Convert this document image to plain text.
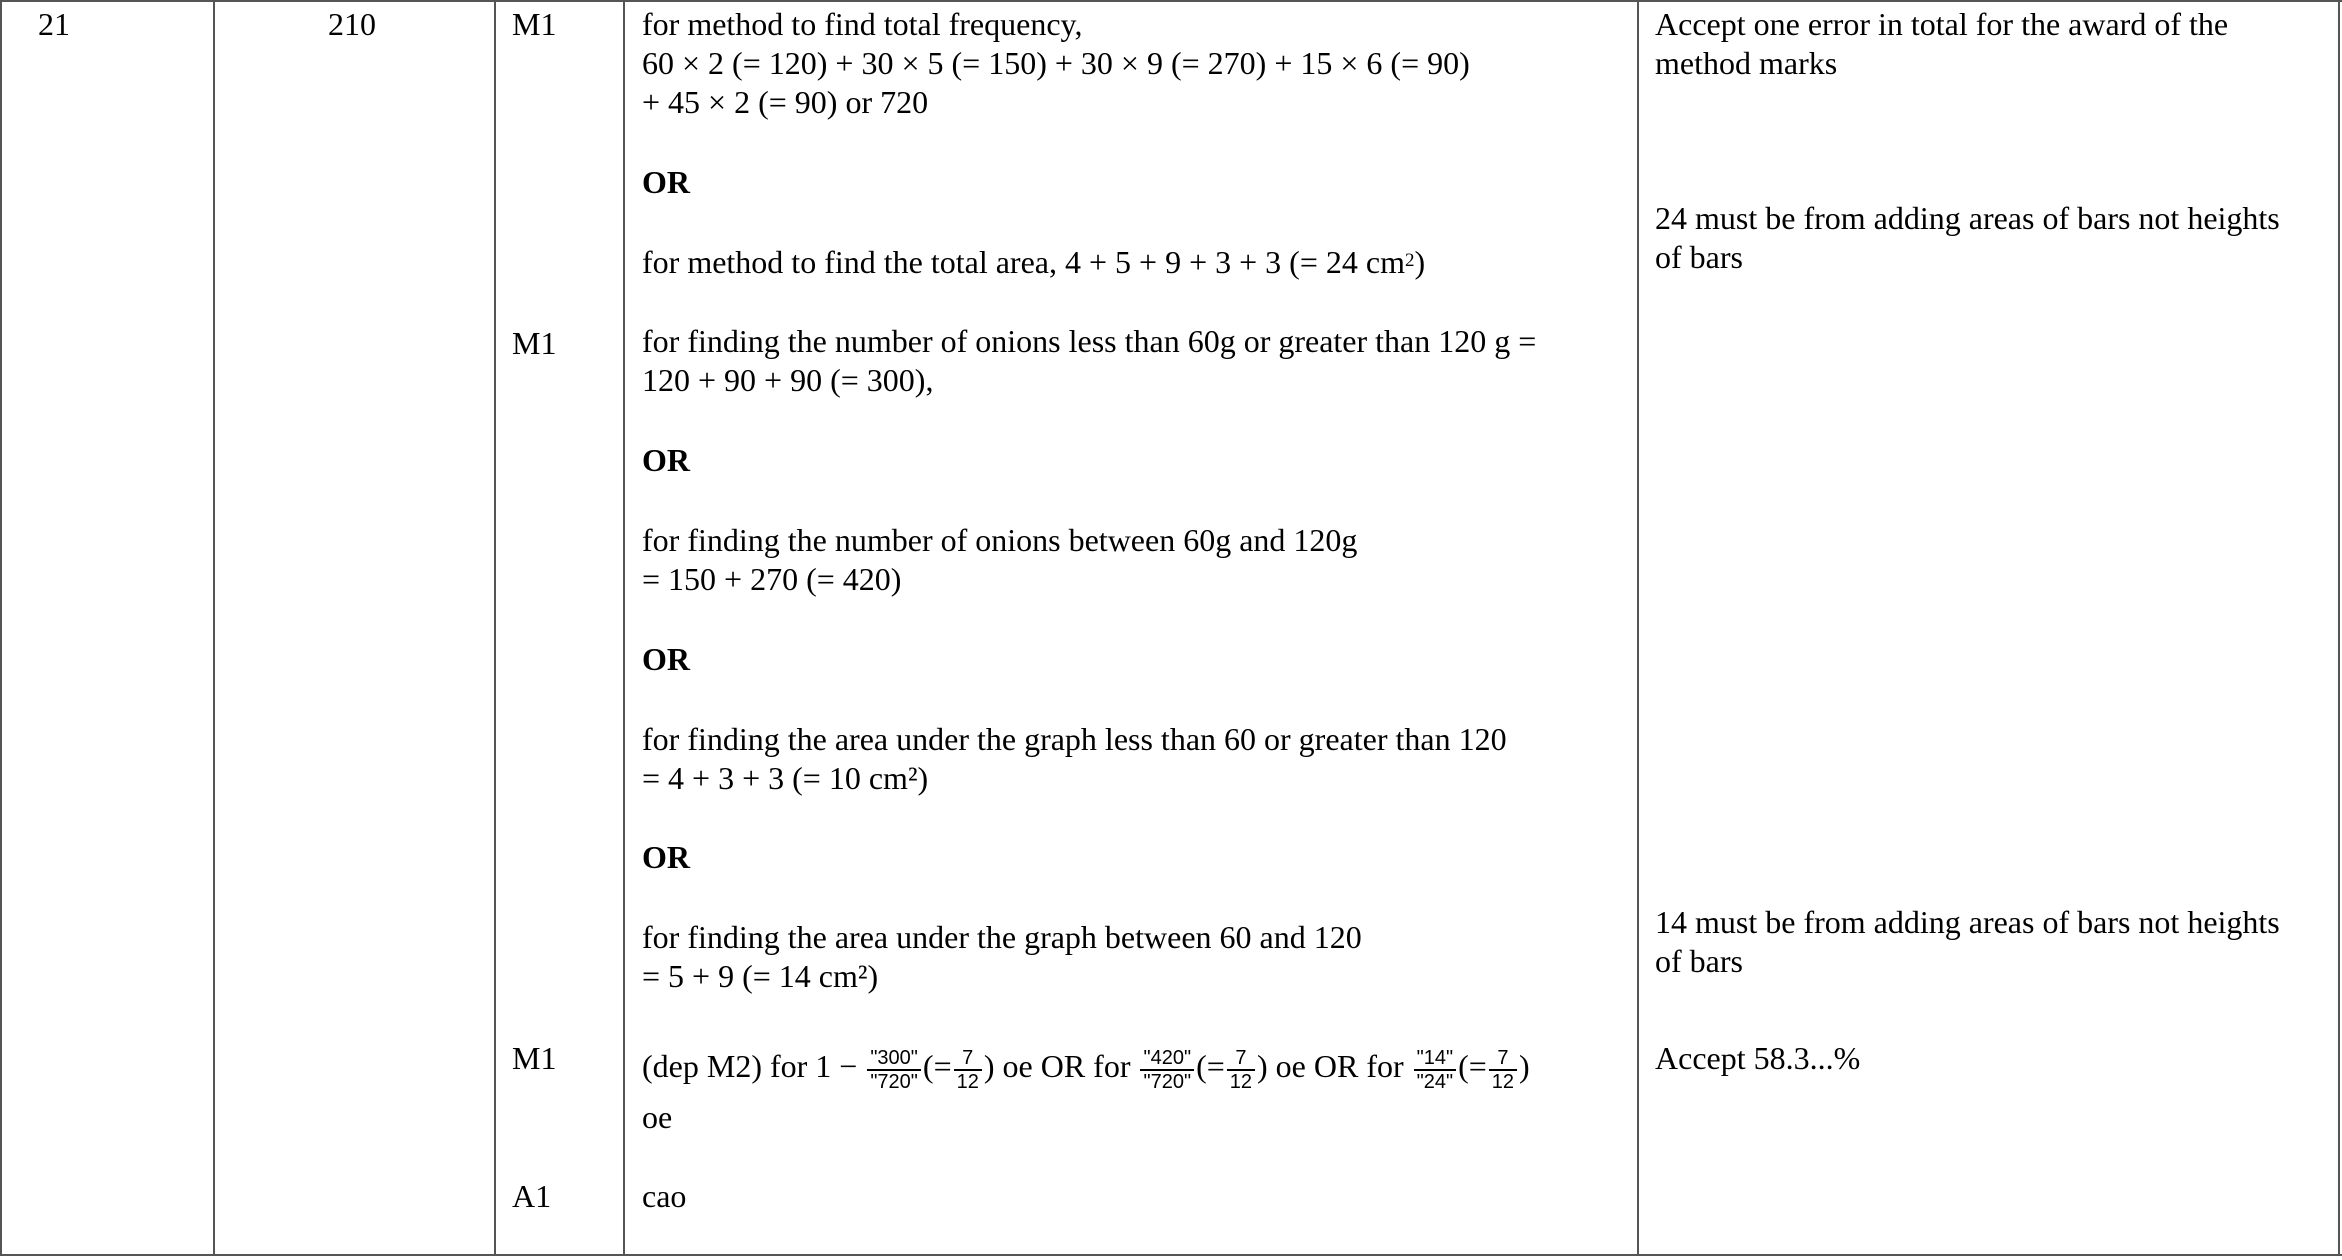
21	210	M1
M1
M1
A1
for method to find total frequency,
60 × 2 (= 120) + 30 × 5 (= 150) + 30 × 9 (= 270) + 15 × 6 (= 90)
+ 45 × 2 (= 90) or 720
OR
for method to find the total area, 4 + 5 + 9 + 3 + 3 (= 24 $cm^2$)
for finding the number of onions less than 60g or greater than 120 g =
120 + 90 + 90 (= 300),
OR
for finding the number of onions between 60g and 120g
= 150 + 270 (= 420)
OR
for finding the area under the graph less than 60 or greater than 120
= 4 + 3 + 3 (= 10 cm²)
OR
for finding the area under the graph between 60 and 120
= 5 + 9 (= 14 cm²)
(dep M2) for $1 - \frac{"300"}{"720"}$ (= $\frac{7}{12}$ ) oe OR for $\frac{"420"}{"720"}$ (= $\frac{7}{12}$ ) oe OR for $\frac{"14"}{"24"}$ (= $\frac{7}{12}$ )
oe
cao
Accept one error in total for the award of the
method marks
24 must be from adding areas of bars not heights
of bars
14 must be from adding areas of bars not heights
of bars
Accept 58.3...%
